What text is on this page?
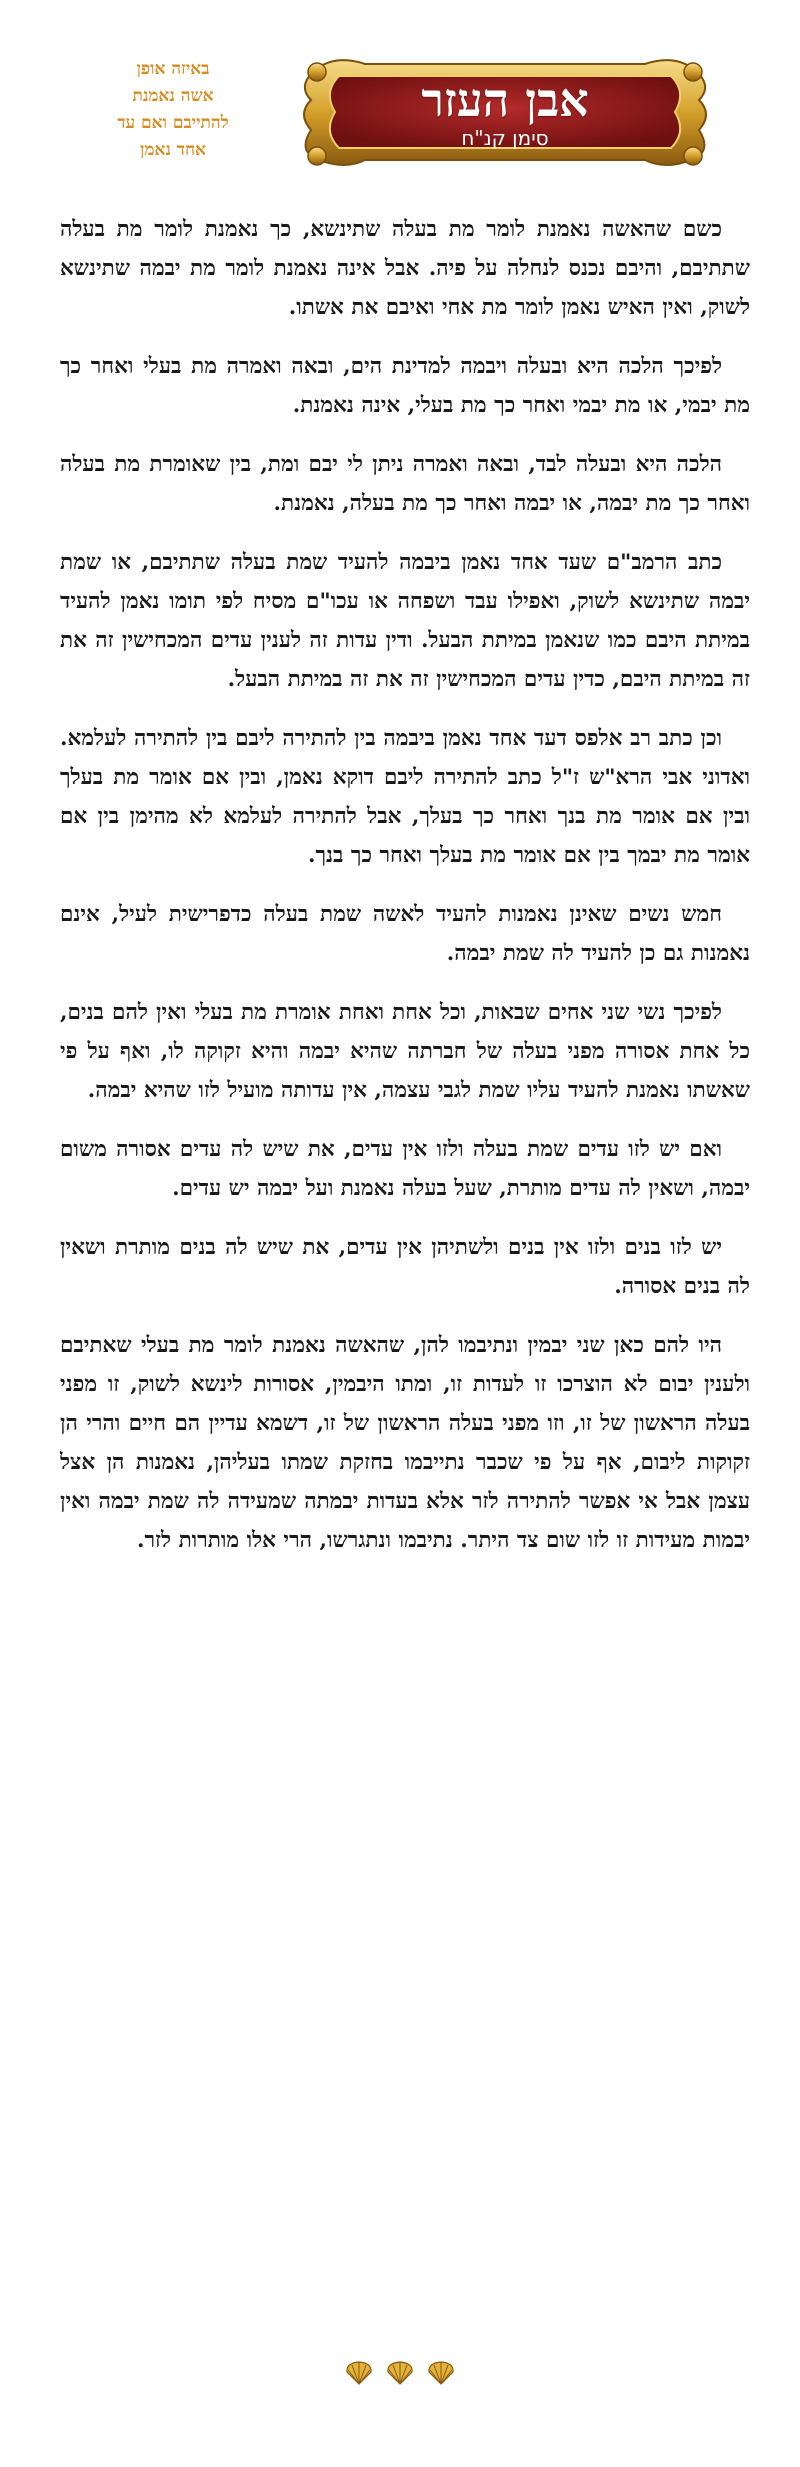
באיזה אופן
אשה נאמנת
להתייבם ואם עד
אחד נאמן
אבן העזר
סימן קנ"ח

כשם שהאשה נאמנת לומר מת בעלה שתינשא, כך נאמנת לומר מת בעלה שתתיבם, והיבם נכנס לנחלה על פיה. אבל אינה נאמנת לומר מת יבמה שתינשא לשוק, ואין האיש נאמן לומר מת אחי ואיבם את אשתו.

לפיכך הלכה היא ובעלה ויבמה למדינת הים, ובאה ואמרה מת בעלי ואחר כך מת יבמי, או מת יבמי ואחר כך מת בעלי, אינה נאמנת.

הלכה היא ובעלה לבד, ובאה ואמרה ניתן לי יבם ומת, בין שאומרת מת בעלה ואחר כך מת יבמה, או יבמה ואחר כך מת בעלה, נאמנת.

כתב הרמב"ם שעד אחד נאמן ביבמה להעיד שמת בעלה שתתיבם, או שמת יבמה שתינשא לשוק, ואפילו עבד ושפחה או עכו"ם מסיח לפי תומו נאמן להעיד במיתת היבם כמו שנאמן במיתת הבעל. ודין עדות זה לענין עדים המכחישין זה את זה במיתת היבם, כדין עדים המכחישין זה את זה במיתת הבעל.

וכן כתב רב אלפס דעד אחד נאמן ביבמה בין להתירה ליבם בין להתירה לעלמא. ואדוני אבי הרא"ש ז"ל כתב להתירה ליבם דוקא נאמן, ובין אם אומר מת בעלך ובין אם אומר מת בנך ואחר כך בעלך, אבל להתירה לעלמא לא מהימן בין אם אומר מת יבמך בין אם אומר מת בעלך ואחר כך בנך.

חמש נשים שאינן נאמנות להעיד לאשה שמת בעלה כדפרישית לעיל, אינם נאמנות גם כן להעיד לה שמת יבמה.

לפיכך נשי שני אחים שבאות, וכל אחת ואחת אומרת מת בעלי ואין להם בנים, כל אחת אסורה מפני בעלה של חברתה שהיא יבמה והיא זקוקה לו, ואף על פי שאשתו נאמנת להעיד עליו שמת לגבי עצמה, אין עדותה מועיל לזו שהיא יבמה.

ואם יש לזו עדים שמת בעלה ולזו אין עדים, את שיש לה עדים אסורה משום יבמה, ושאין לה עדים מותרת, שעל בעלה נאמנת ועל יבמה יש עדים.

יש לזו בנים ולזו אין בנים ולשתיהן אין עדים, את שיש לה בנים מותרת ושאין לה בנים אסורה.

היו להם כאן שני יבמין ונתיבמו להן, שהאשה נאמנת לומר מת בעלי שאתיבם ולענין יבום לא הוצרכו זו לעדות זו, ומתו היבמין, אסורות לינשא לשוק, זו מפני בעלה הראשון של זו, וזו מפני בעלה הראשון של זו, דשמא עדיין הם חיים והרי הן זקוקות ליבום, אף על פי שכבר נתייבמו בחזקת שמתו בעליהן, נאמנות הן אצל עצמן אבל אי אפשר להתירה לזר אלא בעדות יבמתה שמעידה לה שמת יבמה ואין יבמות מעידות זו לזו שום צד היתר. נתיבמו ונתגרשו, הרי אלו מותרות לזר.
